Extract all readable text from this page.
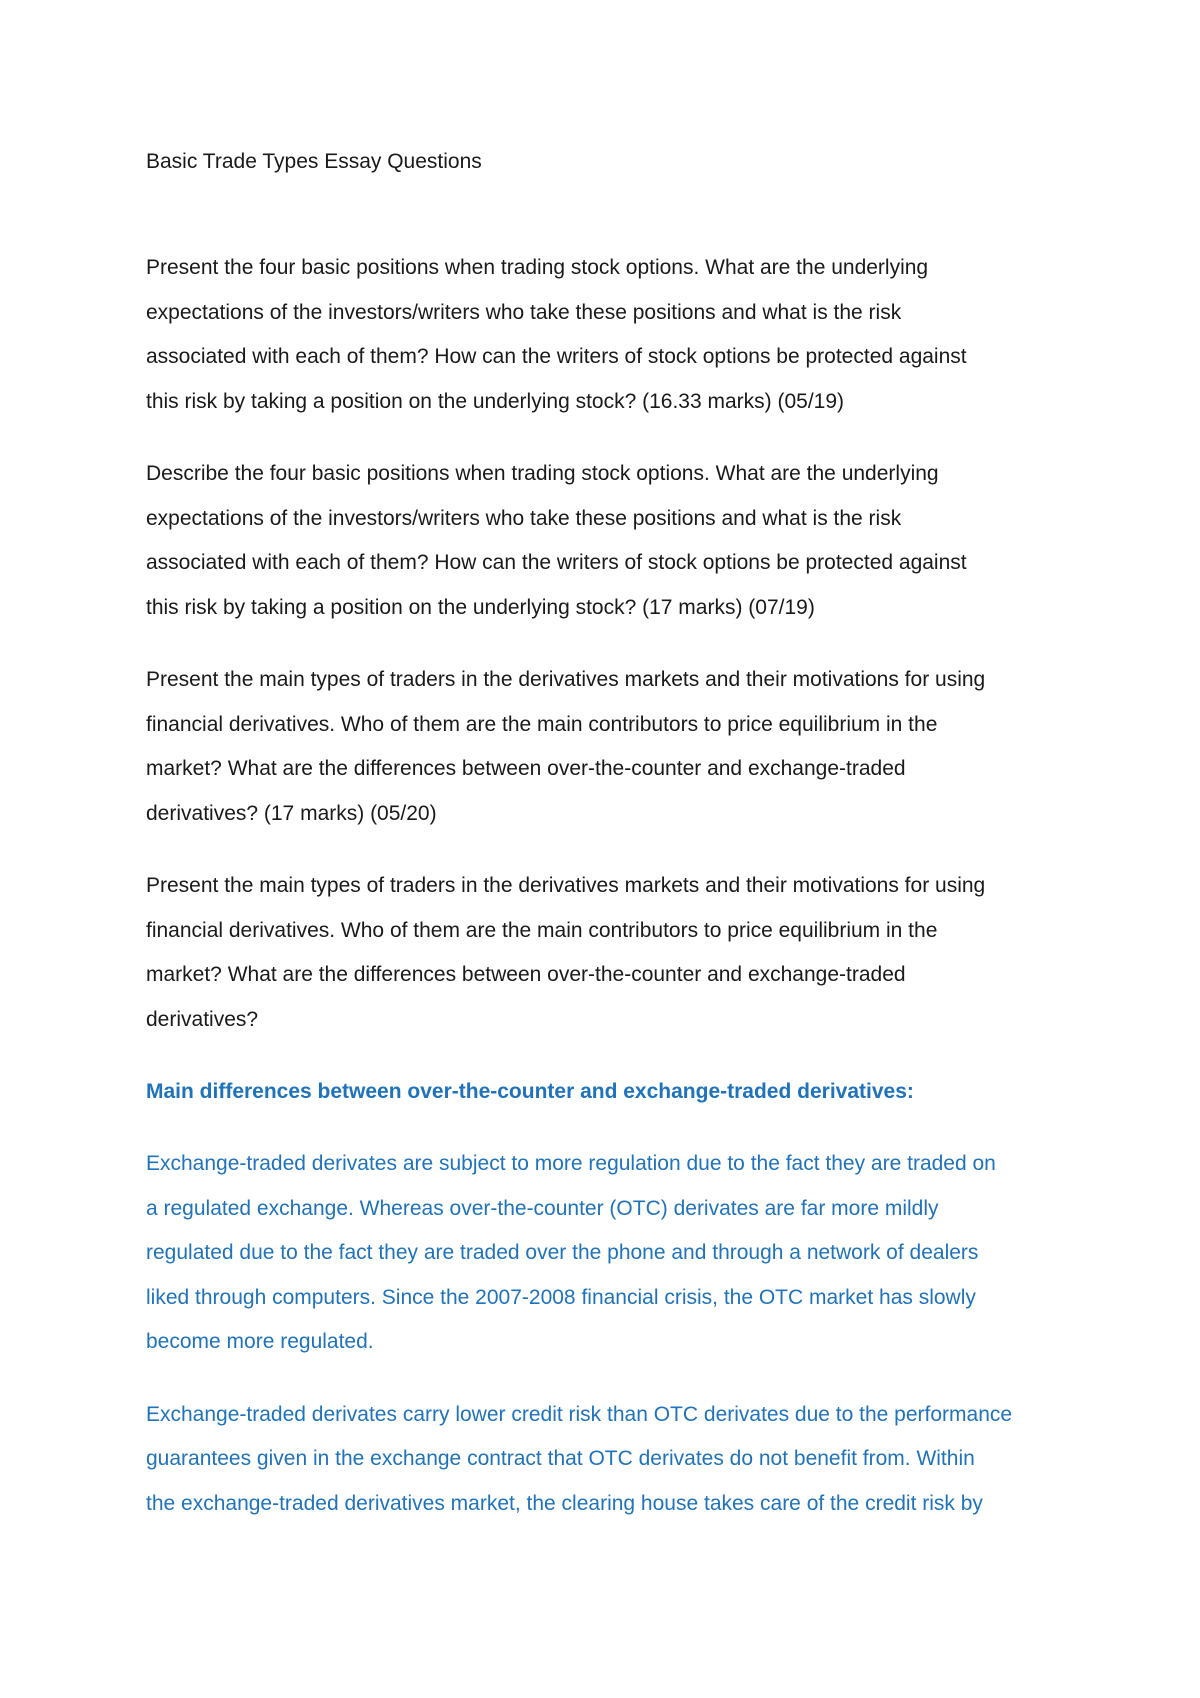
Basic Trade Types Essay Questions
Present the four basic positions when trading stock options. What are the underlying
expectations of the investors/writers who take these positions and what is the risk
associated with each of them? How can the writers of stock options be protected against
this risk by taking a position on the underlying stock? (16.33 marks) (05/19)
Describe the four basic positions when trading stock options. What are the underlying
expectations of the investors/writers who take these positions and what is the risk
associated with each of them? How can the writers of stock options be protected against
this risk by taking a position on the underlying stock? (17 marks) (07/19)
Present the main types of traders in the derivatives markets and their motivations for using
financial derivatives. Who of them are the main contributors to price equilibrium in the
market? What are the differences between over-the-counter and exchange-traded
derivatives? (17 marks) (05/20)
Present the main types of traders in the derivatives markets and their motivations for using
financial derivatives. Who of them are the main contributors to price equilibrium in the
market? What are the differences between over-the-counter and exchange-traded
derivatives?
Main differences between over-the-counter and exchange-traded derivatives:
Exchange-traded derivates are subject to more regulation due to the fact they are traded on
a regulated exchange. Whereas over-the-counter (OTC) derivates are far more mildly
regulated due to the fact they are traded over the phone and through a network of dealers
liked through computers. Since the 2007-2008 financial crisis, the OTC market has slowly
become more regulated.
Exchange-traded derivates carry lower credit risk than OTC derivates due to the performance
guarantees given in the exchange contract that OTC derivates do not benefit from. Within
the exchange-traded derivatives market, the clearing house takes care of the credit risk by
